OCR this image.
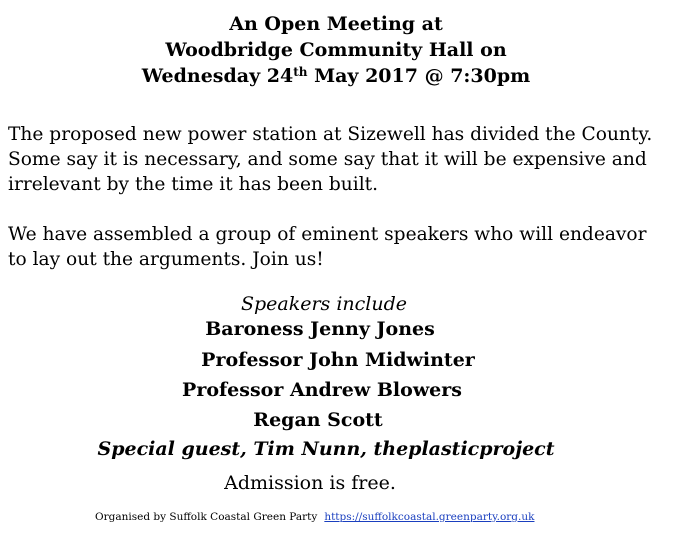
An Open Meeting at
Woodbridge Community Hall on
Wednesday 24th May 2017 @ 7:30pm
The proposed new power station at Sizewell has divided the County.
Some say it is necessary, and some say that it will be expensive and
irrelevant by the time it has been built.
We have assembled a group of eminent speakers who will endeavor
to lay out the arguments. Join us!
Speakers include
Baroness Jenny Jones
Professor John Midwinter
Professor Andrew Blowers
Regan Scott
Special guest, Tim Nunn, theplasticproject
Admission is free.
Organised by Suffolk Coastal Green Party https://suffolkcoastal.greenparty.org.uk
